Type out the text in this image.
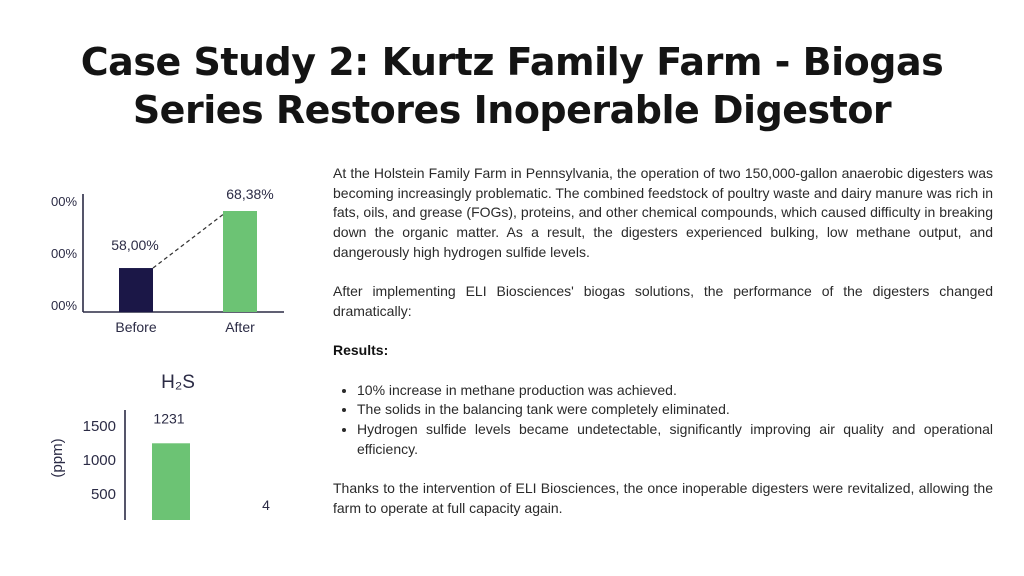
Case Study 2: Kurtz Family Farm - Biogas
Series Restores Inoperable Digestor
00%
00%
00%
58,00%
68,38%
Before	After
H₂S
(ppm)
1500
1000
500
1231
4

At the Holstein Family Farm in Pennsylvania, the operation of two 150,000-gallon anaerobic digesters was becoming increasingly problematic. The combined feedstock of poultry waste and dairy manure was rich in fats, oils, and grease (FOGs), proteins, and other chemical compounds, which caused difficulty in breaking down the organic matter. As a result, the digesters experienced bulking, low methane output, and dangerously high hydrogen sulfide levels.

After implementing ELI Biosciences' biogas solutions, the performance of the digesters changed dramatically:

Results:

• 10% increase in methane production was achieved.
• The solids in the balancing tank were completely eliminated.
• Hydrogen sulfide levels became undetectable, significantly improving air quality and operational efficiency.

Thanks to the intervention of ELI Biosciences, the once inoperable digesters were revitalized, allowing the farm to operate at full capacity again.
